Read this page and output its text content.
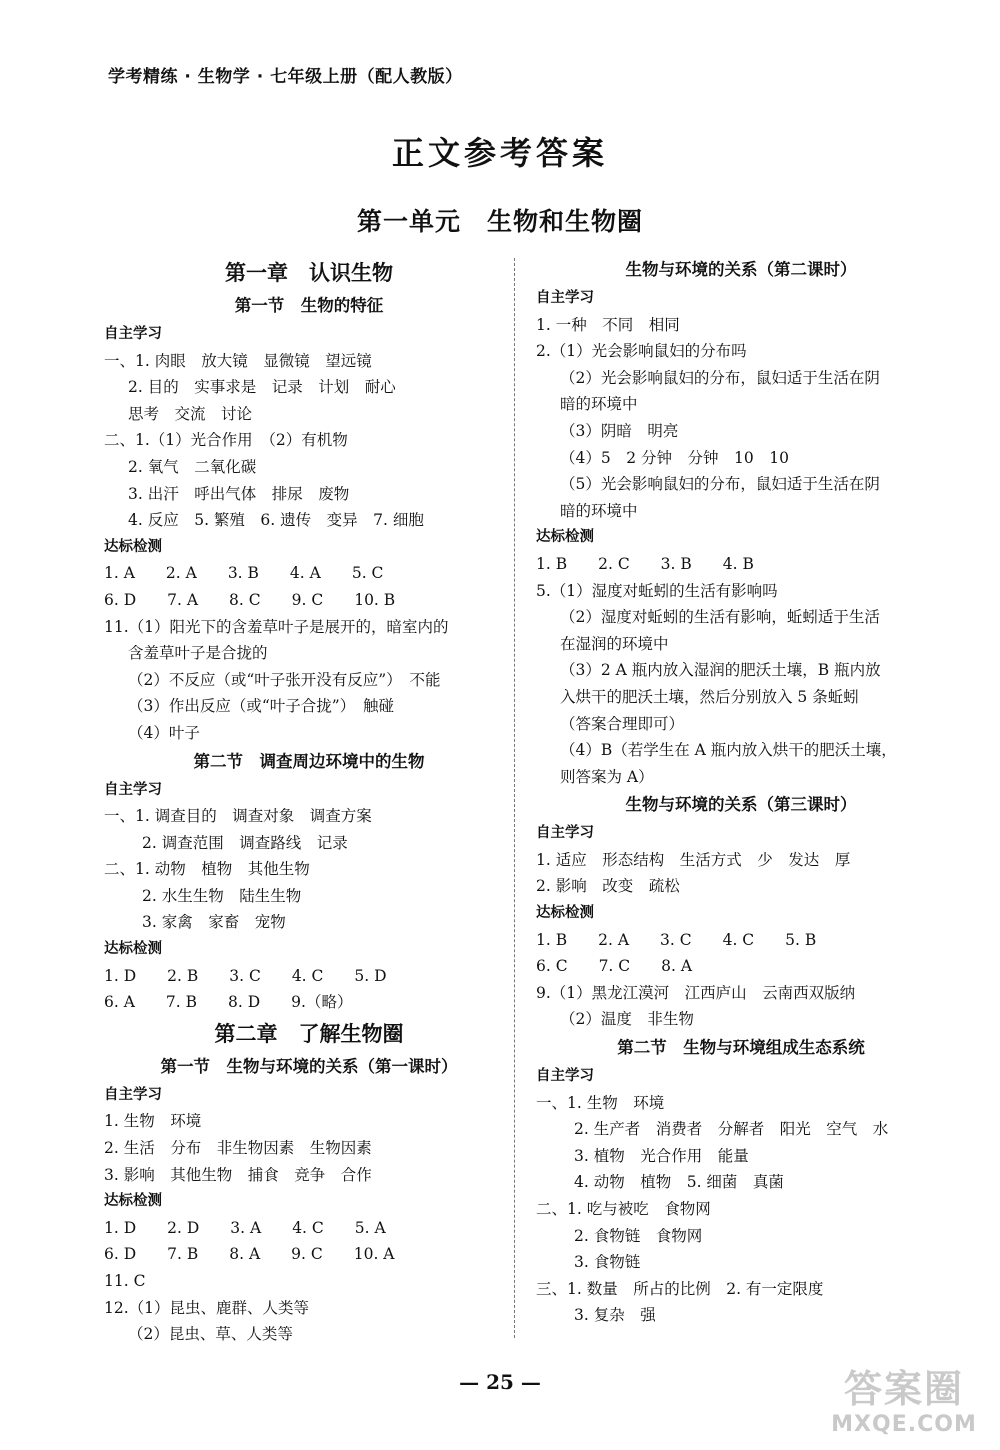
学考精练 · 生物学 · 七年级上册（配人教版）
正文参考答案
第一单元　生物和生物圈
第一章　认识生物
第一节　生物的特征
自主学习
一、1. 肉眼　放大镜　显微镜　望远镜
2. 目的　实事求是　记录　计划　耐心
思考　交流　讨论
二、1.（1）光合作用　（2）有机物
2. 氧气　二氧化碳
3. 出汗　呼出气体　排尿　废物
4. 反应　5. 繁殖　6. 遗传　变异　7. 细胞
达标检测
1. A　　2. A　　3. B　　4. A　　5. C
6. D　　7. A　　8. C　　9. C　　10. B
11.（1）阳光下的含羞草叶子是展开的，暗室内的
含羞草叶子是合拢的
（2）不反应（或“叶子张开没有反应”）　不能
（3）作出反应（或“叶子合拢”）　触碰
（4）叶子
第二节　调查周边环境中的生物
自主学习
一、1. 调查目的　调查对象　调查方案
2. 调查范围　调查路线　记录
二、1. 动物　植物　其他生物
2. 水生生物　陆生生物
3. 家禽　家畜　宠物
达标检测
1. D　　2. B　　3. C　　4. C　　5. D
6. A　　7. B　　8. D　　9.（略）
第二章　了解生物圈
第一节　生物与环境的关系（第一课时）
自主学习
1. 生物　环境
2. 生活　分布　非生物因素　生物因素
3. 影响　其他生物　捕食　竞争　合作
达标检测
1. D　　2. D　　3. A　　4. C　　5. A
6. D　　7. B　　8. A　　9. C　　10. A
11. C
12.（1）昆虫、鹿群、人类等
（2）昆虫、草、人类等
生物与环境的关系（第二课时）
自主学习
1. 一种　不同　相同
2.（1）光会影响鼠妇的分布吗
（2）光会影响鼠妇的分布，鼠妇适于生活在阴
暗的环境中
（3）阴暗　明亮
（4）5　2 分钟　分钟　10　10
（5）光会影响鼠妇的分布，鼠妇适于生活在阴
暗的环境中
达标检测
1. B　　2. C　　3. B　　4. B
5.（1）湿度对蚯蚓的生活有影响吗
（2）湿度对蚯蚓的生活有影响，蚯蚓适于生活
在湿润的环境中
（3）2 A 瓶内放入湿润的肥沃土壤，B 瓶内放
入烘干的肥沃土壤，然后分别放入 5 条蚯蚓
（答案合理即可）
（4）B（若学生在 A 瓶内放入烘干的肥沃土壤，
则答案为 A）
生物与环境的关系（第三课时）
自主学习
1. 适应　形态结构　生活方式　少　发达　厚
2. 影响　改变　疏松
达标检测
1. B　　2. A　　3. C　　4. C　　5. B
6. C　　7. C　　8. A
9.（1）黑龙江漠河　江西庐山　云南西双版纳
（2）温度　非生物
第二节　生物与环境组成生态系统
自主学习
一、1. 生物　环境
2. 生产者　消费者　分解者　阳光　空气　水
3. 植物　光合作用　能量
4. 动物　植物　5. 细菌　真菌
二、1. 吃与被吃　食物网
2. 食物链　食物网
3. 食物链
三、1. 数量　所占的比例　2. 有一定限度
3. 复杂　强
— 25 —	答案圈
MXQE.COM
